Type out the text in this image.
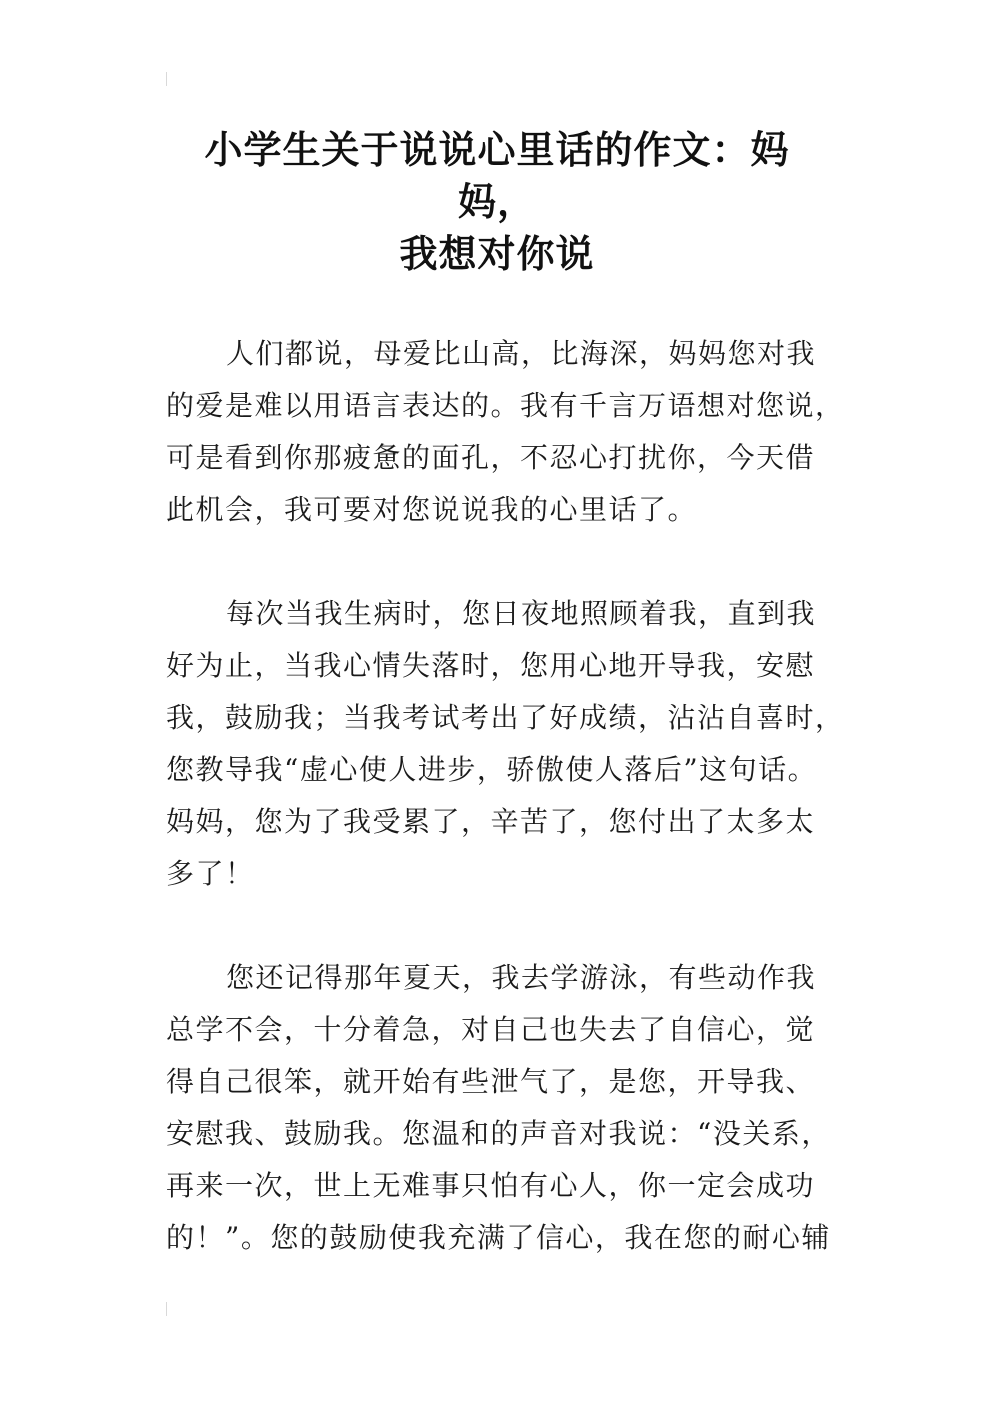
小学生关于说说心里话的作文：妈妈，
我想对你说

人们都说，母爱比山高，比海深，妈妈您对我
的爱是难以用语言表达的。我有千言万语想对您说，
可是看到你那疲惫的面孔，不忍心打扰你，今天借
此机会，我可要对您说说我的心里话了。

每次当我生病时，您日夜地照顾着我，直到我
好为止，当我心情失落时，您用心地开导我，安慰
我，鼓励我；当我考试考出了好成绩，沾沾自喜时，
您教导我“虚心使人进步，骄傲使人落后”这句话。
妈妈，您为了我受累了，辛苦了，您付出了太多太
多了！

您还记得那年夏天，我去学游泳，有些动作我
总学不会，十分着急，对自己也失去了自信心，觉
得自己很笨，就开始有些泄气了，是您，开导我、
安慰我、鼓励我。您温和的声音对我说：“没关系，
再来一次，世上无难事只怕有心人，你一定会成功
的！”。您的鼓励使我充满了信心，我在您的耐心辅
